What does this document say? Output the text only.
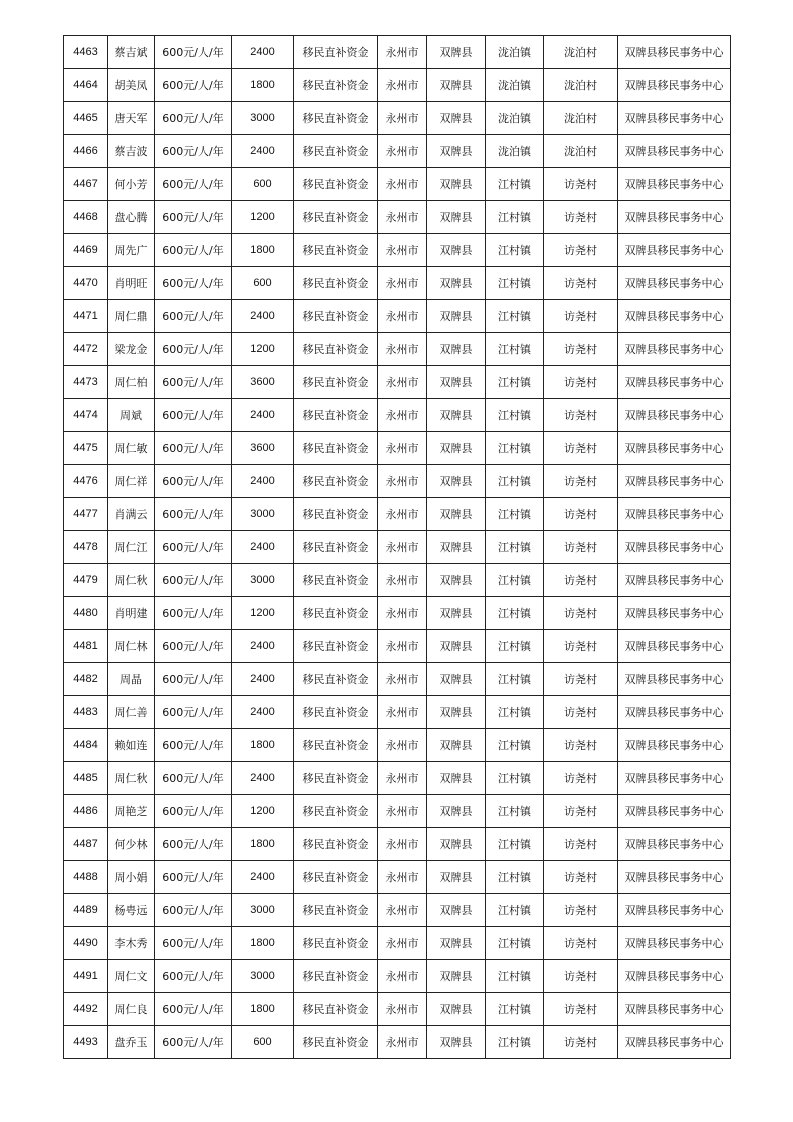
4463	蔡吉斌	600元/人/年	2400	移民直补资金	永州市	双牌县	泷泊镇	泷泊村	双牌县移民事务中心
4464	胡美凤	600元/人/年	1800	移民直补资金	永州市	双牌县	泷泊镇	泷泊村	双牌县移民事务中心
4465	唐天军	600元/人/年	3000	移民直补资金	永州市	双牌县	泷泊镇	泷泊村	双牌县移民事务中心
4466	蔡吉波	600元/人/年	2400	移民直补资金	永州市	双牌县	泷泊镇	泷泊村	双牌县移民事务中心
4467	何小芳	600元/人/年	600	移民直补资金	永州市	双牌县	江村镇	访尧村	双牌县移民事务中心
4468	盘心腾	600元/人/年	1200	移民直补资金	永州市	双牌县	江村镇	访尧村	双牌县移民事务中心
4469	周先广	600元/人/年	1800	移民直补资金	永州市	双牌县	江村镇	访尧村	双牌县移民事务中心
4470	肖明旺	600元/人/年	600	移民直补资金	永州市	双牌县	江村镇	访尧村	双牌县移民事务中心
4471	周仁鼎	600元/人/年	2400	移民直补资金	永州市	双牌县	江村镇	访尧村	双牌县移民事务中心
4472	梁龙金	600元/人/年	1200	移民直补资金	永州市	双牌县	江村镇	访尧村	双牌县移民事务中心
4473	周仁柏	600元/人/年	3600	移民直补资金	永州市	双牌县	江村镇	访尧村	双牌县移民事务中心
4474	周斌	600元/人/年	2400	移民直补资金	永州市	双牌县	江村镇	访尧村	双牌县移民事务中心
4475	周仁敏	600元/人/年	3600	移民直补资金	永州市	双牌县	江村镇	访尧村	双牌县移民事务中心
4476	周仁祥	600元/人/年	2400	移民直补资金	永州市	双牌县	江村镇	访尧村	双牌县移民事务中心
4477	肖满云	600元/人/年	3000	移民直补资金	永州市	双牌县	江村镇	访尧村	双牌县移民事务中心
4478	周仁江	600元/人/年	2400	移民直补资金	永州市	双牌县	江村镇	访尧村	双牌县移民事务中心
4479	周仁秋	600元/人/年	3000	移民直补资金	永州市	双牌县	江村镇	访尧村	双牌县移民事务中心
4480	肖明建	600元/人/年	1200	移民直补资金	永州市	双牌县	江村镇	访尧村	双牌县移民事务中心
4481	周仁林	600元/人/年	2400	移民直补资金	永州市	双牌县	江村镇	访尧村	双牌县移民事务中心
4482	周晶	600元/人/年	2400	移民直补资金	永州市	双牌县	江村镇	访尧村	双牌县移民事务中心
4483	周仁善	600元/人/年	2400	移民直补资金	永州市	双牌县	江村镇	访尧村	双牌县移民事务中心
4484	赖如连	600元/人/年	1800	移民直补资金	永州市	双牌县	江村镇	访尧村	双牌县移民事务中心
4485	周仁秋	600元/人/年	2400	移民直补资金	永州市	双牌县	江村镇	访尧村	双牌县移民事务中心
4486	周艳芝	600元/人/年	1200	移民直补资金	永州市	双牌县	江村镇	访尧村	双牌县移民事务中心
4487	何少林	600元/人/年	1800	移民直补资金	永州市	双牌县	江村镇	访尧村	双牌县移民事务中心
4488	周小娟	600元/人/年	2400	移民直补资金	永州市	双牌县	江村镇	访尧村	双牌县移民事务中心
4489	杨甹远	600元/人/年	3000	移民直补资金	永州市	双牌县	江村镇	访尧村	双牌县移民事务中心
4490	李木秀	600元/人/年	1800	移民直补资金	永州市	双牌县	江村镇	访尧村	双牌县移民事务中心
4491	周仁文	600元/人/年	3000	移民直补资金	永州市	双牌县	江村镇	访尧村	双牌县移民事务中心
4492	周仁良	600元/人/年	1800	移民直补资金	永州市	双牌县	江村镇	访尧村	双牌县移民事务中心
4493	盘乔玉	600元/人/年	600	移民直补资金	永州市	双牌县	江村镇	访尧村	双牌县移民事务中心
